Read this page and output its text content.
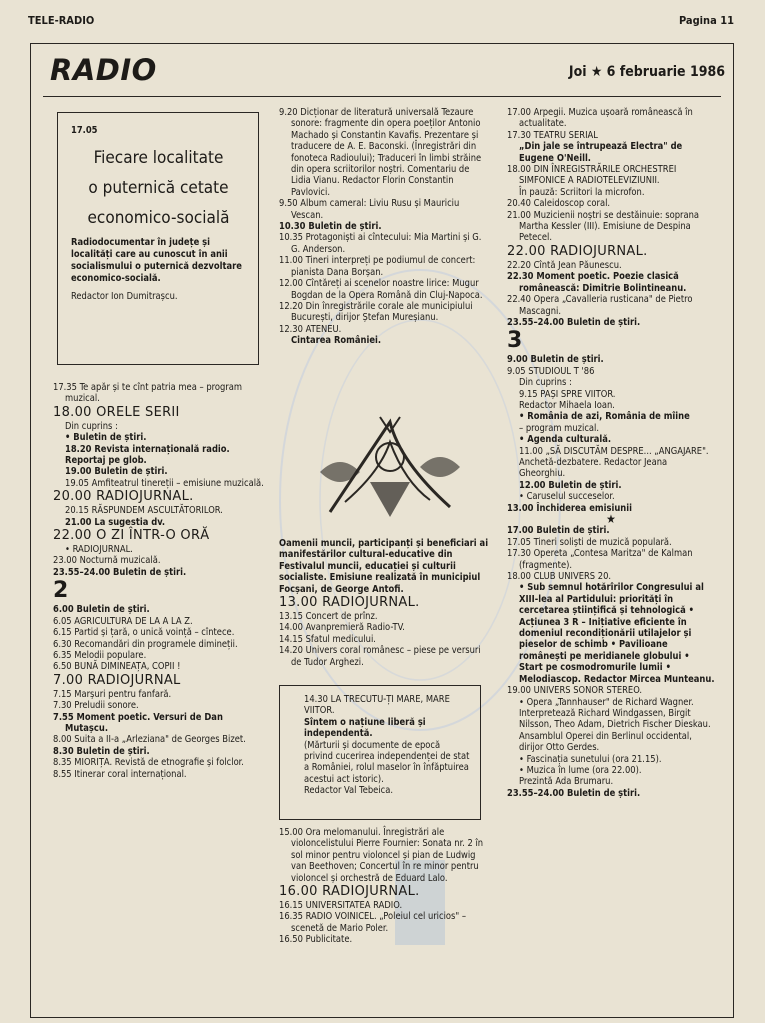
TELE-RADIO	Pagina 11
RADIO	Joi ★ 6 februarie 1986
17.05
Fiecare localitate
o puternică cetate
economico-socială
Radiodocumentar în județe și localități care au cunoscut în anii socialismului o puternică dezvoltare economico-socială.
Redactor Ion Dumitrașcu.
17.35 Te apăr și te cînt patria mea – program muzical.
18.00 ORELE SERII
Din cuprins :
• Buletin de știri.
18.20 Revista internațională radio. Reportaj pe glob.
19.00 Buletin de știri.
19.05 Amfiteatrul tinereții – emisiune muzicală.
20.00 RADIOJURNAL.
20.15 RĂSPUNDEM ASCULTĂTORILOR.
21.00 La sugestia dv.
22.00 O ZI ÎNTR-O ORĂ
• RADIOJURNAL.
23.00 Nocturnă muzicală.
23.55–24.00 Buletin de știri.
2
6.00 Buletin de știri.
6.05 AGRICULTURA DE LA A LA Z.
6.15 Partid și țară, o unică voință – cîntece.
6.30 Recomandări din programele dimineții.
6.35 Melodii populare.
6.50 BUNĂ DIMINEAȚA, COPII !
7.00 RADIOJURNAL
7.15 Marșuri pentru fanfară.
7.30 Preludii sonore.
7.55 Moment poetic. Versuri de Dan Mutașcu.
8.00 Suita a II-a „Arleziana" de Georges Bizet.
8.30 Buletin de știri.
8.35 MIORIȚA. Revistă de etnografie și folclor.
8.55 Itinerar coral internațional.
9.20 Dicționar de literatură universală Tezaure sonore: fragmente din opera poeților Antonio Machado și Constantin Kavafis. Prezentare și traducere de A. E. Baconski. (Înregistrări din fonoteca Radioului); Traduceri în limbi străine din opera scriitorilor noștri. Comentariu de Lidia Vianu. Redactor Florin Constantin Pavlovici.
9.50 Album cameral: Liviu Rusu și Mauriciu Vescan.
10.30 Buletin de știri.
10.35 Protagoniști ai cîntecului: Mia Martini și G. G. Anderson.
11.00 Tineri interpreți pe podiumul de concert: pianista Dana Borșan.
12.00 Cîntăreți ai scenelor noastre lirice: Mugur Bogdan de la Opera Română din Cluj-Napoca.
12.20 Din înregistrările corale ale municipiului București, dirijor Ștefan Mureșianu.
12.30 ATENEU.
Cintarea României.
Oamenii muncii, participanți și beneficiari ai manifestărilor cultural-educative din Festivalul muncii, educației și culturii socialiste. Emisiune realizată în municipiul Focșani, de George Antofi.
13.00 RADIOJURNAL.
13.15 Concert de prînz.
14.00 Avanpremieră Radio-TV.
14.15 Sfatul medicului.
14.20 Univers coral românesc – piese pe versuri de Tudor Arghezi.
14.30 LA TRECUTU-ȚI MARE, MARE VIITOR.
Sîntem o națiune liberă și independentă.
(Mărturii și documente de epocă privind cucerirea independenței de stat a României, rolul maselor în înfăptuirea acestui act istoric).
Redactor Val Tebeica.
15.00 Ora melomanului. Înregistrări ale violoncelistului Pierre Fournier: Sonata nr. 2 în sol minor pentru violoncel și pian de Ludwig van Beethoven; Concertul în re minor pentru violoncel și orchestră de Eduard Lalo.
16.00 RADIOJURNAL.
16.15 UNIVERSITATEA RADIO.
16.35 RADIO VOINICEL. „Poleiul cel uricios" – scenetă de Mario Poler.
16.50 Publicitate.
17.00 Arpegii. Muzica ușoară românească în actualitate.
17.30 TEATRU SERIAL
„Din jale se întrupează Electra" de Eugene O'Neill.
18.00 DIN ÎNREGISTRĂRILE ORCHESTREI SIMFONICE A RADIOTELEVIZIUNII.
În pauză: Scriitori la microfon.
20.40 Caleidoscop coral.
21.00 Muzicienii noștri se destăinuie: soprana Martha Kessler (III). Emisiune de Despina Petecel.
22.00 RADIOJURNAL.
22.20 Cîntă Jean Păunescu.
22.30 Moment poetic. Poezie clasică românească: Dimitrie Bolintineanu.
22.40 Opera „Cavalleria rusticana" de Pietro Mascagni.
23.55–24.00 Buletin de știri.
3
9.00 Buletin de știri.
9.05 STUDIOUL T '86
Din cuprins :
9.15 PAȘI SPRE VIITOR.
Redactor Mihaela Ioan.
• România de azi, România de mîine
– program muzical.
• Agenda culturală.
11.00 „SĂ DISCUTĂM DESPRE... „ANGAJARE". Anchetă-dezbatere. Redactor Jeana Gheorghiu.
12.00 Buletin de știri.
• Caruselul succeselor.
13.00 Închiderea emisiunii
★
17.00 Buletin de știri.
17.05 Tineri soliști de muzică populară.
17.30 Opereta „Contesa Maritza" de Kalman (fragmente).
18.00 CLUB UNIVERS 20.
• Sub semnul hotărîrilor Congresului al XIII-lea al Partidului: priorități în cercetarea științifică și tehnologică • Acțiunea 3 R – Inițiative eficiente în domeniul recondiționării utilajelor și pieselor de schimb • Pavilioane românești pe meridianele globului • Start pe cosmodromurile lumii • Melodiascop. Redactor Mircea Munteanu.
19.00 UNIVERS SONOR STEREO.
• Opera „Tannhauser" de Richard Wagner. Interpretează Richard Windgassen, Birgit Nilsson, Theo Adam, Dietrich Fischer Dieskau. Ansamblul Operei din Berlinul occidental, dirijor Otto Gerdes.
• Fascinația sunetului (ora 21.15).
• Muzica în lume (ora 22.00).
Prezintă Ada Brumaru.
23.55–24.00 Buletin de știri.
